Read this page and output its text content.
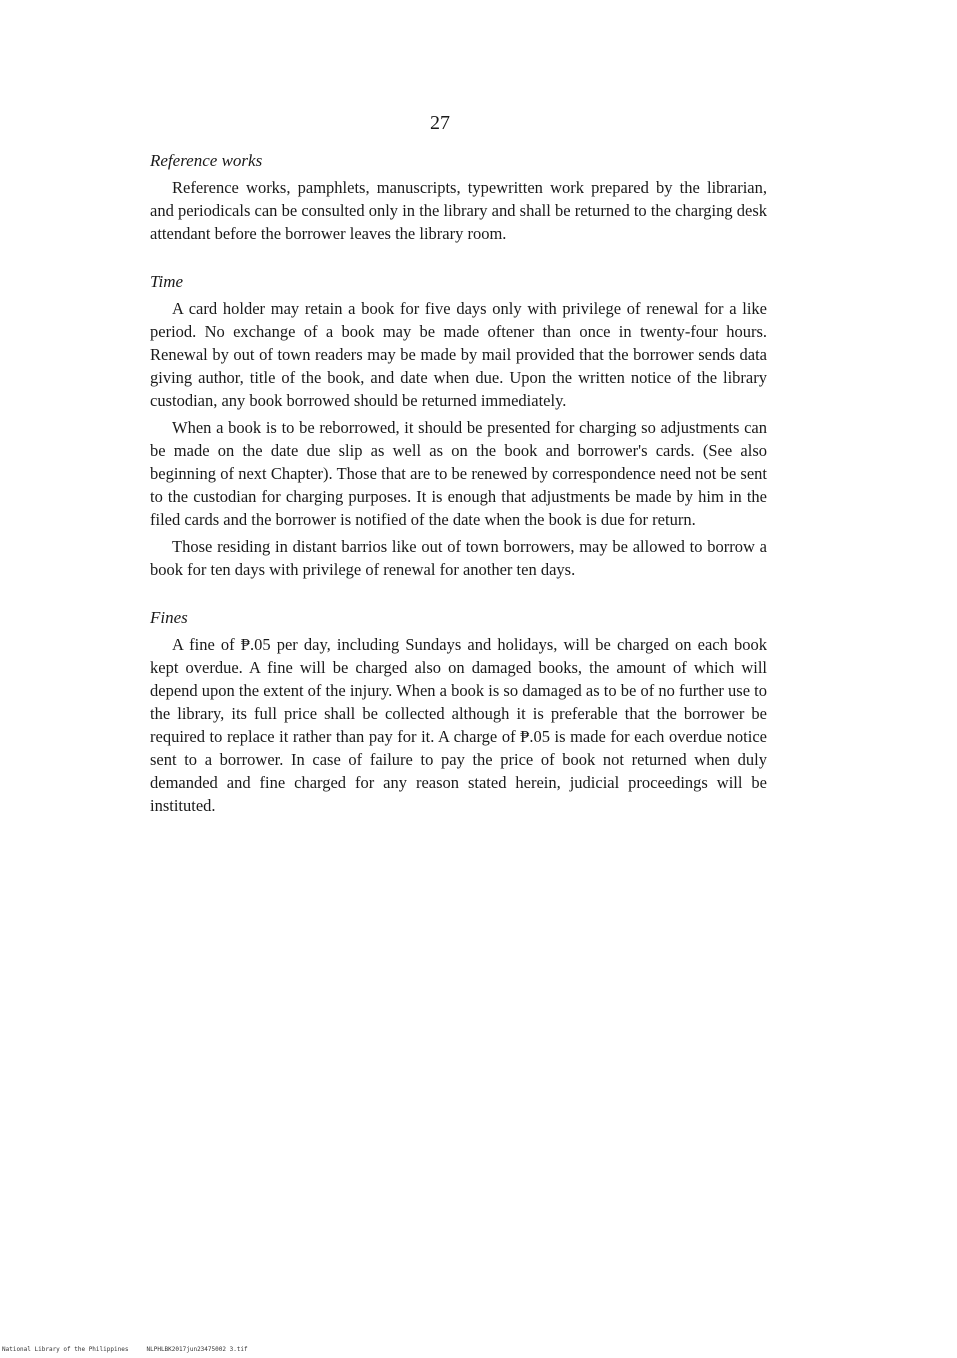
27
Reference works

Reference works, pamphlets, manuscripts, typewritten work prepared by the librarian, and periodicals can be consulted only in the library and shall be returned to the charging desk attendant before the borrower leaves the library room.

Time

A card holder may retain a book for five days only with privilege of renewal for a like period. No exchange of a book may be made oftener than once in twenty-four hours. Renewal by out of town readers may be made by mail provided that the borrower sends data giving author, title of the book, and date when due. Upon the written notice of the library custodian, any book borrowed should be returned immediately.

When a book is to be reborrowed, it should be presented for charging so adjustments can be made on the date due slip as well as on the book and borrower's cards. (See also beginning of next Chapter). Those that are to be renewed by correspondence need not be sent to the custodian for charging purposes. It is enough that adjustments be made by him in the filed cards and the borrower is notified of the date when the book is due for return.

Those residing in distant barrios like out of town borrowers, may be allowed to borrow a book for ten days with privilege of renewal for another ten days.

Fines

A fine of ₱.05 per day, including Sundays and holidays, will be charged on each book kept overdue. A fine will be charged also on damaged books, the amount of which will depend upon the extent of the injury. When a book is so damaged as to be of no further use to the library, its full price shall be collected although it is preferable that the borrower be required to replace it rather than pay for it. A charge of ₱.05 is made for each overdue notice sent to a borrower. In case of failure to pay the price of book not returned when duly demanded and fine charged for any reason stated herein, judicial proceedings will be instituted.

National Library of the Philippines     NLPHLBK2017jun23475002 3.tif
